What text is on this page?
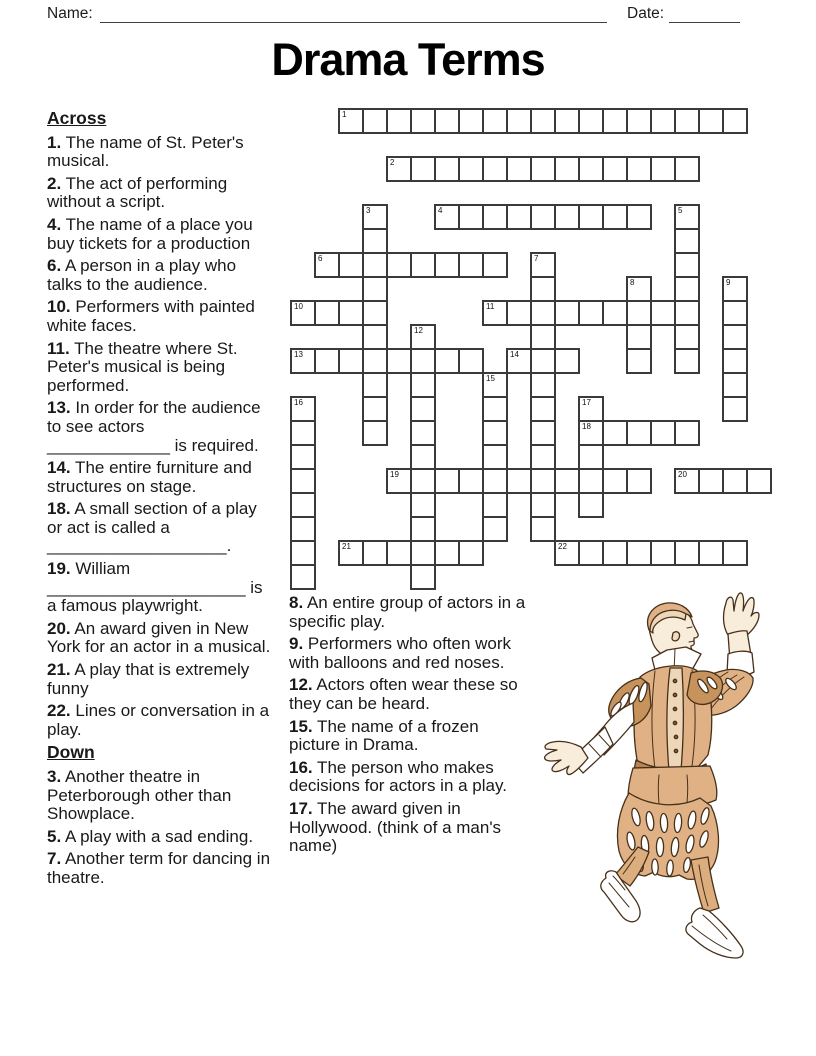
Name:	Date:
Drama Terms
1
2
3	4	5
6	7
8	9
10	11
12
13	14
15
16	17
18
19	20
21	22
Across
1. The name of St. Peter's musical.
2. The act of performing without a script.
4. The name of a place you buy tickets for a production
6. A person in a play who talks to the audience.
10. Performers with painted white faces.
11. The theatre where St. Peter's musical is being performed.
13. In order for the audience to see actors _____________ is required.
14. The entire furniture and structures on stage.
18. A small section of a play or act is called a ___________________.
19. William _____________________ is a famous playwright.
20. An award given in New York for an actor in a musical.
21. A play that is extremely funny
22. Lines or conversation in a play.
Down
3. Another theatre in Peterborough other than Showplace.
5. A play with a sad ending.
7. Another term for dancing in theatre.
8. An entire group of actors in a specific play.
9. Performers who often work with balloons and red noses.
12. Actors often wear these so they can be heard.
15. The name of a frozen picture in Drama.
16. The person who makes decisions for actors in a play.
17. The award given in Hollywood. (think of a man's name)
